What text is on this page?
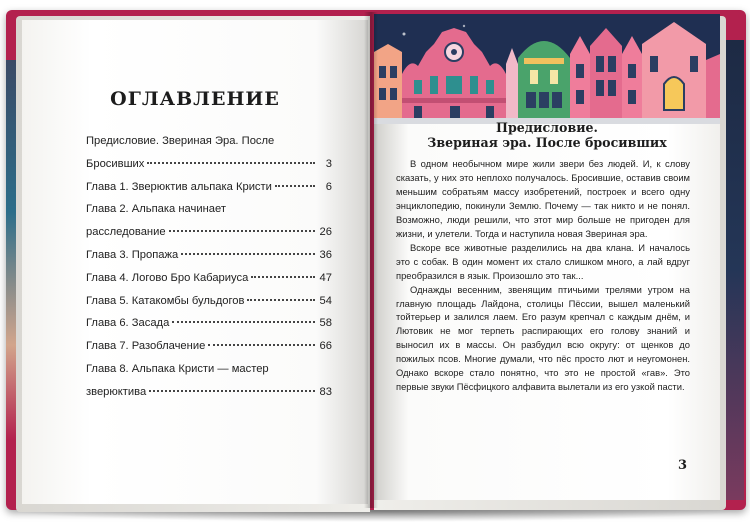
ОГЛАВЛЕНИЕ
Предисловие. Звериная Эра. После
Бросивших	3
Глава 1. Зверюктив альпака Кристи	6
Глава 2. Альпака начинает
расследование	26
Глава 3. Пропажа	36
Глава 4. Логово Бро Кабариуса	47
Глава 5. Катакомбы бульдогов	54
Глава 6. Засада	58
Глава 7. Разоблачение	66
Глава 8. Альпака Кристи — мастер
зверюктива	83
Предисловие.
Звериная эра. После бросивших

В одном необычном мире жили звери без людей. И, к слову сказать, у них это неплохо получалось. Бросившие, оставив своим меньшим собратьям массу изобретений, построек и всего одну энциклопедию, покинули Землю. Почему — так никто и не понял. Возможно, люди решили, что этот мир больше не пригоден для жизни, и улетели. Тогда и наступила новая Звериная эра.

Вскоре все животные разделились на два клана. И началось это с собак. В один момент их стало слишком много, а лай вдруг преобразился в язык. Произошло это так...

Однажды весенним, звенящим птичьими трелями утром на главную площадь Лайдона, столицы Пёссии, вышел маленький тойтерьер и залился лаем. Его разум крепчал с каждым днём, и Лютовик не мог терпеть распирающих его голову знаний и выносил их в массы. Он разбудил всю округу: от щенков до пожилых псов. Многие думали, что пёс просто лют и неугомонен. Однако вскоре стало понятно, что это не простой «гав». Это первые звуки Пёсфицкого алфавита вылетали из его узкой пасти.

3
